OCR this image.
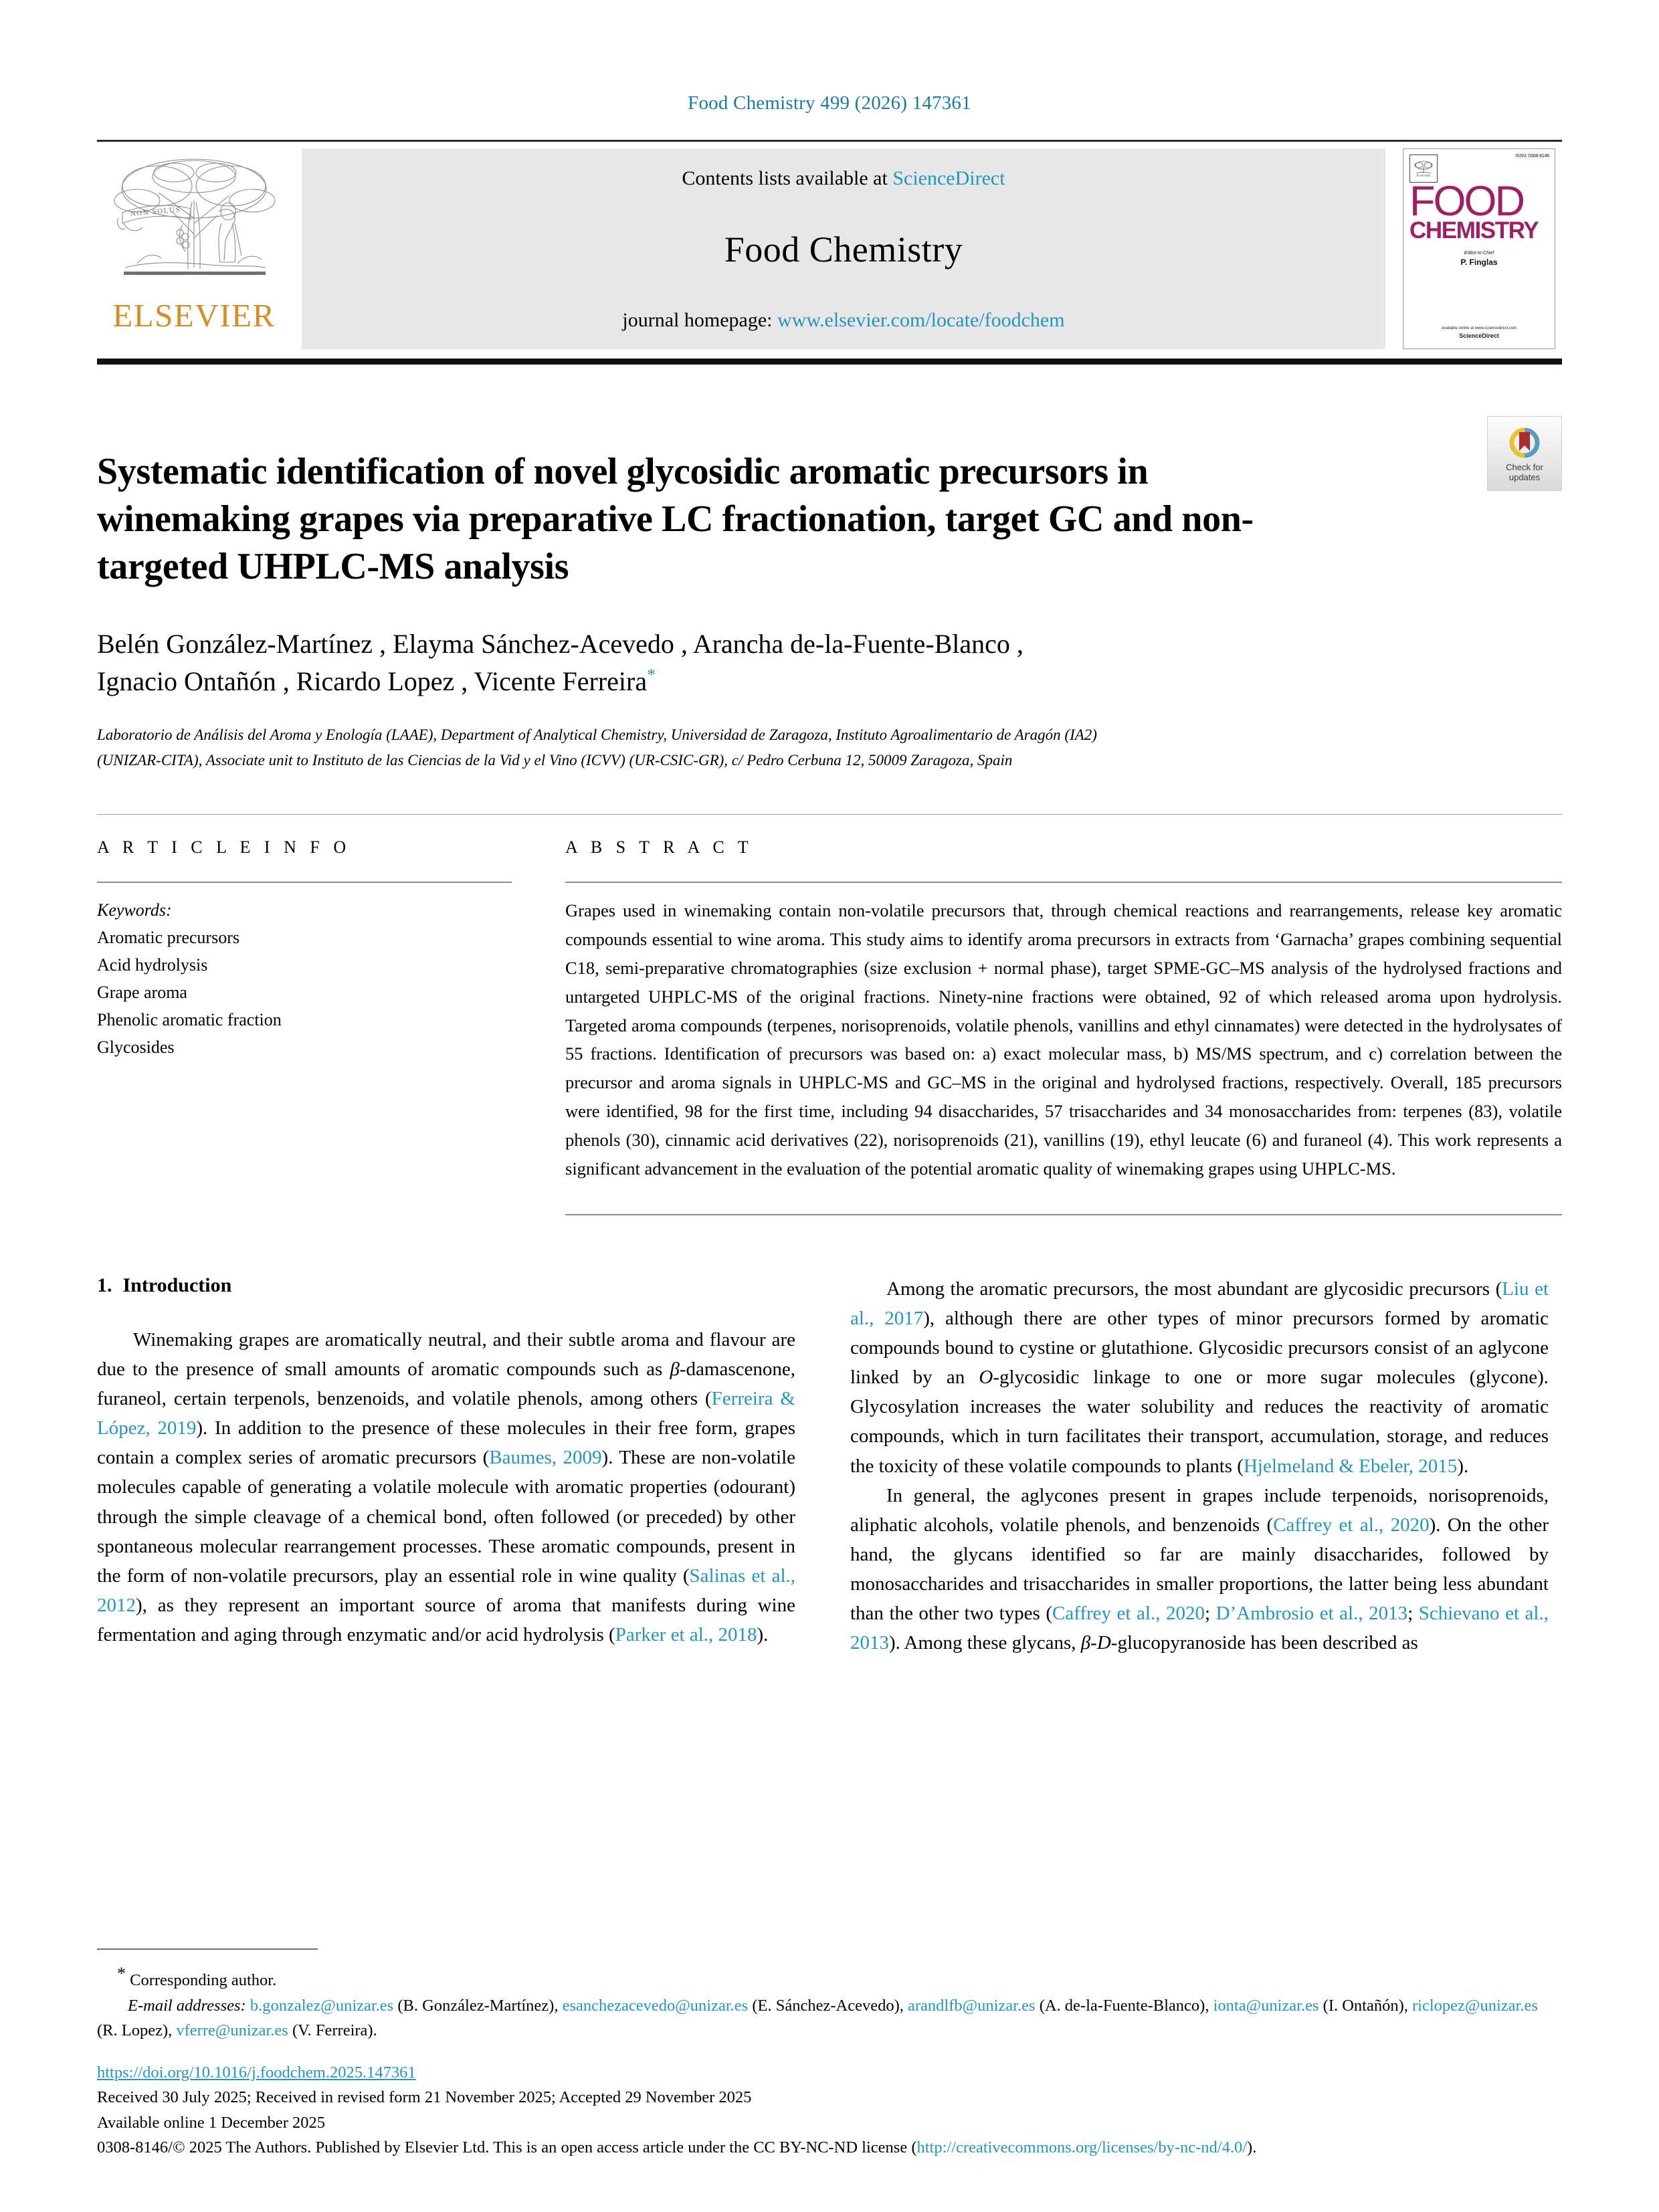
Food Chemistry 499 (2026) 147361
NON SOLUS
ELSEVIER
Contents lists available at ScienceDirect
Food Chemistry
journal homepage: www.elsevier.com/locate/foodchem
ISSN: 0308-8146
ELSEVIER
FOOD
CHEMISTRY
Editor-in-Chief
P. Finglas
Available online at www.sciencedirect.com
ScienceDirect
Check for
updates
Systematic identification of novel glycosidic aromatic precursors in winemaking grapes via preparative LC fractionation, target GC and non-targeted UHPLC-MS analysis
Belén González-Martínez , Elayma Sánchez-Acevedo , Arancha de-la-Fuente-Blanco ,
Ignacio Ontañón , Ricardo Lopez , Vicente Ferreira*
Laboratorio de Análisis del Aroma y Enología (LAAE), Department of Analytical Chemistry, Universidad de Zaragoza, Instituto Agroalimentario de Aragón (IA2)
(UNIZAR-CITA), Associate unit to Instituto de las Ciencias de la Vid y el Vino (ICVV) (UR-CSIC-GR), c/ Pedro Cerbuna 12, 50009 Zaragoza, Spain
A R T I C L E I N F O
Keywords:
Aromatic precursors
Acid hydrolysis
Grape aroma
Phenolic aromatic fraction
Glycosides
A B S T R A C T
Grapes used in winemaking contain non-volatile precursors that, through chemical reactions and rearrangements, release key aromatic compounds essential to wine aroma. This study aims to identify aroma precursors in extracts from ‘Garnacha’ grapes combining sequential C18, semi-preparative chromatographies (size exclusion + normal phase), target SPME-GC–MS analysis of the hydrolysed fractions and untargeted UHPLC-MS of the original fractions. Ninety-nine fractions were obtained, 92 of which released aroma upon hydrolysis. Targeted aroma compounds (terpenes, norisoprenoids, volatile phenols, vanillins and ethyl cinnamates) were detected in the hydrolysates of 55 fractions. Identification of precursors was based on: a) exact molecular mass, b) MS/MS spectrum, and c) correlation between the precursor and aroma signals in UHPLC-MS and GC–MS in the original and hydrolysed fractions, respectively. Overall, 185 precursors were identified, 98 for the first time, including 94 disaccharides, 57 trisaccharides and 34 monosaccharides from: terpenes (83), volatile phenols (30), cinnamic acid derivatives (22), norisoprenoids (21), vanillins (19), ethyl leucate (6) and furaneol (4). This work represents a significant advancement in the evaluation of the potential aromatic quality of winemaking grapes using UHPLC-MS.
1. Introduction

Winemaking grapes are aromatically neutral, and their subtle aroma and flavour are due to the presence of small amounts of aromatic compounds such as β-damascenone, furaneol, certain terpenols, benzenoids, and volatile phenols, among others (Ferreira & López, 2019). In addition to the presence of these molecules in their free form, grapes contain a complex series of aromatic precursors (Baumes, 2009). These are non-volatile molecules capable of generating a volatile molecule with aromatic properties (odourant) through the simple cleavage of a chemical bond, often followed (or preceded) by other spontaneous molecular rearrangement processes. These aromatic compounds, present in the form of non-volatile precursors, play an essential role in wine quality (Salinas et al., 2012), as they represent an important source of aroma that manifests during wine fermentation and aging through enzymatic and/or acid hydrolysis (Parker et al., 2018).

Among the aromatic precursors, the most abundant are glycosidic precursors (Liu et al., 2017), although there are other types of minor precursors formed by aromatic compounds bound to cystine or glutathione. Glycosidic precursors consist of an aglycone linked by an O-glycosidic linkage to one or more sugar molecules (glycone). Glycosylation increases the water solubility and reduces the reactivity of aromatic compounds, which in turn facilitates their transport, accumulation, storage, and reduces the toxicity of these volatile compounds to plants (Hjelmeland & Ebeler, 2015).

In general, the aglycones present in grapes include terpenoids, norisoprenoids, aliphatic alcohols, volatile phenols, and benzenoids (Caffrey et al., 2020). On the other hand, the glycans identified so far are mainly disaccharides, followed by monosaccharides and trisaccharides in smaller proportions, the latter being less abundant than the other two types (Caffrey et al., 2020; D’Ambrosio et al., 2013; Schievano et al., 2013). Among these glycans, β-D-glucopyranoside has been described as

* Corresponding author.
E-mail addresses: b.gonzalez@unizar.es (B. González-Martínez), esanchezacevedo@unizar.es (E. Sánchez-Acevedo), arandlfb@unizar.es (A. de-la-Fuente-Blanco), ionta@unizar.es (I. Ontañón), riclopez@unizar.es (R. Lopez), vferre@unizar.es (V. Ferreira).
https://doi.org/10.1016/j.foodchem.2025.147361
Received 30 July 2025; Received in revised form 21 November 2025; Accepted 29 November 2025
Available online 1 December 2025
0308-8146/© 2025 The Authors. Published by Elsevier Ltd. This is an open access article under the CC BY-NC-ND license (http://creativecommons.org/licenses/by-nc-nd/4.0/).
